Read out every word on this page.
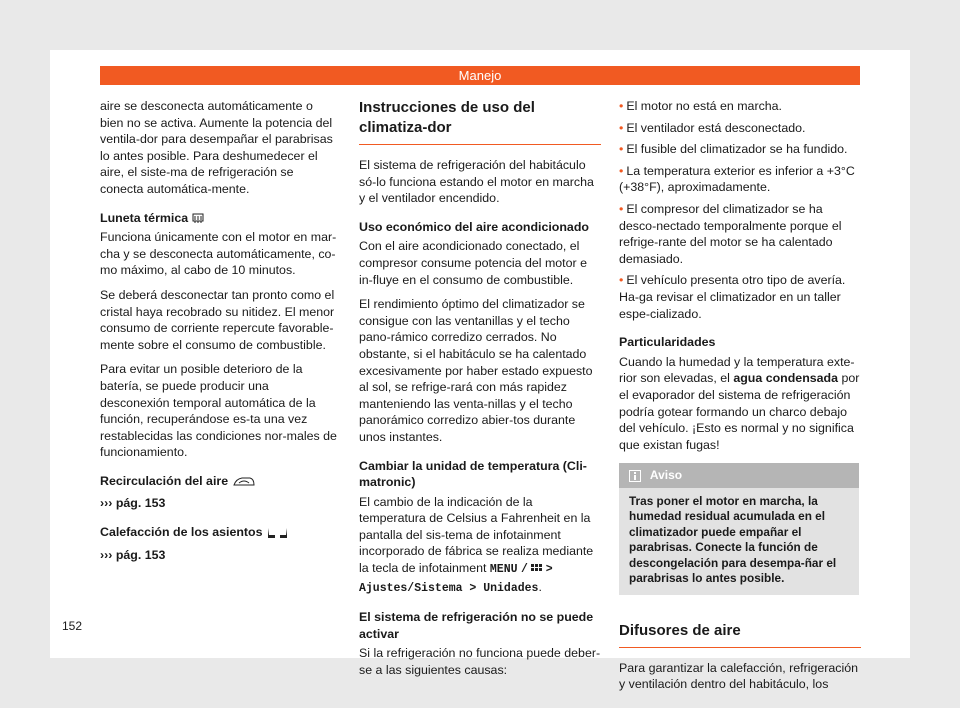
Manejo

aire se desconecta automáticamente o bien no se activa. Aumente la potencia del ventila-dor para desempañar el parabrisas lo antes posible. Para deshumedecer el aire, el siste-ma de refrigeración se conecta automática-mente.

Luneta térmica

Funciona únicamente con el motor en mar-cha y se desconecta automáticamente, co-mo máximo, al cabo de 10 minutos.

Se deberá desconectar tan pronto como el cristal haya recobrado su nitidez. El menor consumo de corriente repercute favorable-mente sobre el consumo de combustible.

Para evitar un posible deterioro de la batería, se puede producir una desconexión temporal automática de la función, recuperándose es-ta una vez restablecidas las condiciones nor-males de funcionamiento.

Recirculación del aire

››› pág. 153

Calefacción de los asientos

››› pág. 153

Instrucciones de uso del climatiza-dor

El sistema de refrigeración del habitáculo só-lo funciona estando el motor en marcha y el ventilador encendido.

Uso económico del aire acondicionado

Con el aire acondicionado conectado, el compresor consume potencia del motor e in-fluye en el consumo de combustible.

El rendimiento óptimo del climatizador se consigue con las ventanillas y el techo pano-rámico corredizo cerrados. No obstante, si el habitáculo se ha calentado excesivamente por haber estado expuesto al sol, se refrige-rará con más rapidez manteniendo las venta-nillas y el techo panorámico corredizo abier-tos durante unos instantes.

Cambiar la unidad de temperatura (Cli-matronic)

El cambio de la indicación de la temperatura de Celsius a Fahrenheit en la pantalla del sis-tema de infotainment incorporado de fábrica se realiza mediante la tecla de infotainment MENU / > Ajustes/Sistema > Unidades.

El sistema de refrigeración no se puede activar

Si la refrigeración no funciona puede deber-se a las siguientes causas:

• El motor no está en marcha.

• El ventilador está desconectado.

• El fusible del climatizador se ha fundido.

• La temperatura exterior es inferior a +3°C (+38°F), aproximadamente.

• El compresor del climatizador se ha desco-nectado temporalmente porque el refrige-rante del motor se ha calentado demasiado.

• El vehículo presenta otro tipo de avería. Ha-ga revisar el climatizador en un taller espe-cializado.

Particularidades

Cuando la humedad y la temperatura exte-rior son elevadas, el agua condensada por el evaporador del sistema de refrigeración podría gotear formando un charco debajo del vehículo. ¡Esto es normal y no significa que existan fugas!

Aviso
Tras poner el motor en marcha, la humedad residual acumulada en el climatizador puede empañar el parabrisas. Conecte la función de descongelación para desempa-ñar el parabrisas lo antes posible.
Difusores de aire

Para garantizar la calefacción, refrigeración y ventilación dentro del habitáculo, los

152
